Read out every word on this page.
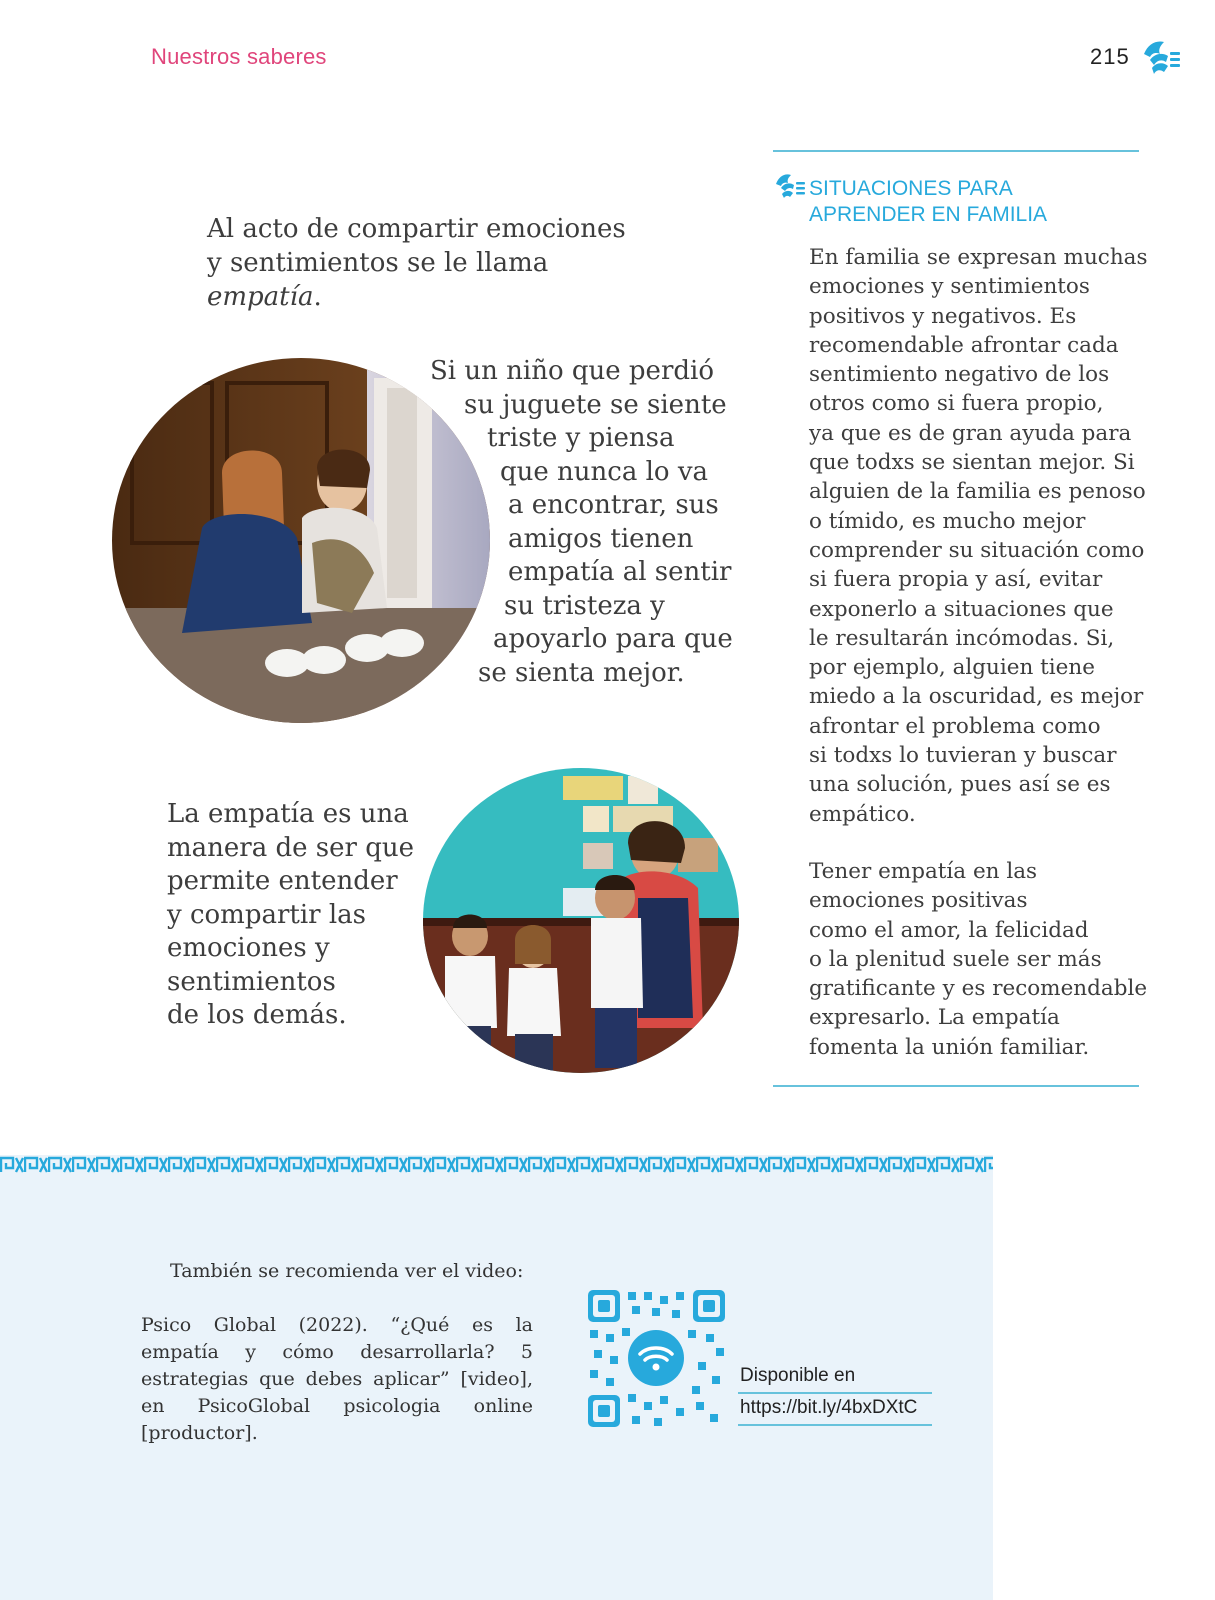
Nuestros saberes	215
Al acto de compartir emociones y sentimientos se le llama empatía.
Si un niño que perdió
su juguete se siente
triste y piensa
que nunca lo va
a encontrar, sus
amigos tienen
empatía al sentir
su tristeza y
apoyarlo para que
se sienta mejor.
La empatía es una
manera de ser que
permite entender
y compartir las
emociones y
sentimientos
de los demás.
SITUACIONES PARA
APRENDER EN FAMILIA
En familia se expresan muchas
emociones y sentimientos
positivos y negativos. Es
recomendable afrontar cada
sentimiento negativo de los
otros como si fuera propio,
ya que es de gran ayuda para
que todxs se sientan mejor. Si
alguien de la familia es penoso
o tímido, es mucho mejor
comprender su situación como
si fuera propia y así, evitar
exponerlo a situaciones que
le resultarán incómodas. Si,
por ejemplo, alguien tiene
miedo a la oscuridad, es mejor
afrontar el problema como
si todxs lo tuvieran y buscar
una solución, pues así se es
empático.
Tener empatía en las
emociones positivas
como el amor, la felicidad
o la plenitud suele ser más
gratificante y es recomendable
expresarlo. La empatía
fomenta la unión familiar.
También se recomienda ver el video:
Psico Global (2022). “¿Qué es la empatía y cómo desarrollarla? 5 estrategias que debes aplicar” [video], en PsicoGlobal psicologia online [productor].
Disponible en
https://bit.ly/4bxDXtC
